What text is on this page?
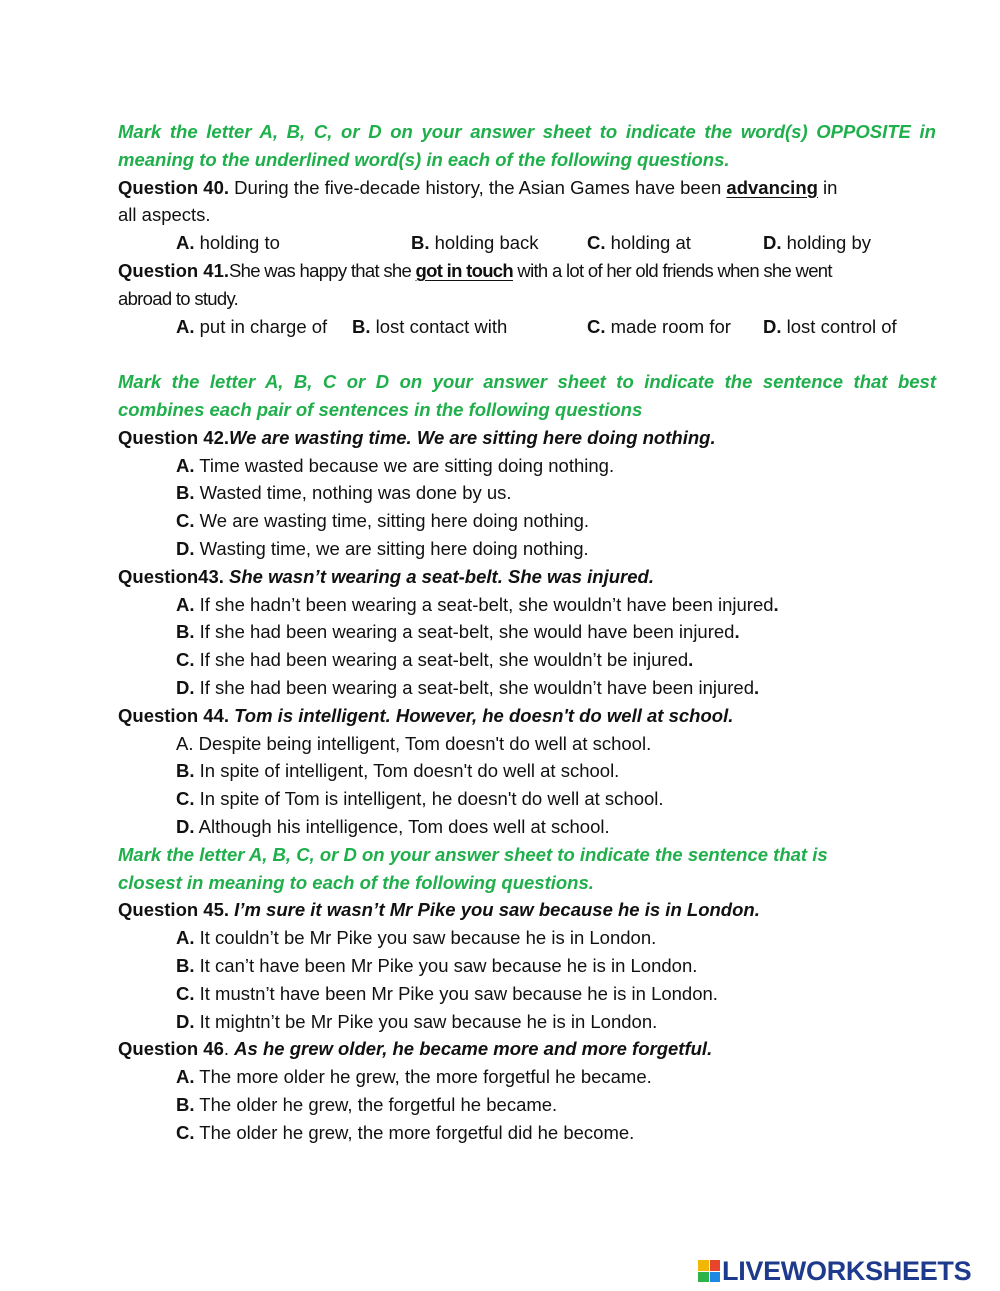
Mark the letter A, B, C, or D on your answer sheet to indicate the word(s) OPPOSITE in
meaning to the underlined word(s) in each of the following questions.
Question 40. During the five-decade history, the Asian Games have been advancing in
all aspects.
A. holding to	B. holding back	C. holding at	D. holding by
Question 41.She was happy that she got in touch with a lot of her old friends when she went
abroad to study.
A. put in charge of	B. lost contact with	C. made room for	D. lost control of
Mark the letter A, B, C or D on your answer sheet to indicate the sentence that best
combines each pair of sentences in the following questions
Question 42.We are wasting time. We are sitting here doing nothing.
A. Time wasted because we are sitting doing nothing.
B. Wasted time, nothing was done by us.
C. We are wasting time, sitting here doing nothing.
D. Wasting time, we are sitting here doing nothing.
Question43. She wasn’t wearing a seat-belt. She was injured.
A. If she hadn’t been wearing a seat-belt, she wouldn’t have been injured.
B. If she had been wearing a seat-belt, she would have been injured.
C. If she had been wearing a seat-belt, she wouldn’t be injured.
D. If she had been wearing a seat-belt, she wouldn’t have been injured.
Question 44. Tom is intelligent. However, he doesn't do well at school.
A. Despite being intelligent, Tom doesn't do well at school.
B. In spite of intelligent, Tom doesn't do well at school.
C. In spite of Tom is intelligent, he doesn't do well at school.
D. Although his intelligence, Tom does well at school.
Mark the letter A, B, C, or D on your answer sheet to indicate the sentence that is
closest in meaning to each of the following questions.
Question 45. I’m sure it wasn’t Mr Pike you saw because he is in London.
A. It couldn’t be Mr Pike you saw because he is in London.
B. It can’t have been Mr Pike you saw because he is in London.
C. It mustn’t have been Mr Pike you saw because he is in London.
D. It mightn’t be Mr Pike you saw because he is in London.
Question 46. As he grew older, he became more and more forgetful.
A. The more older he grew, the more forgetful he became.
B. The older he grew, the forgetful he became.
C. The older he grew, the more forgetful did he become.
LIVEWORKSHEETS
